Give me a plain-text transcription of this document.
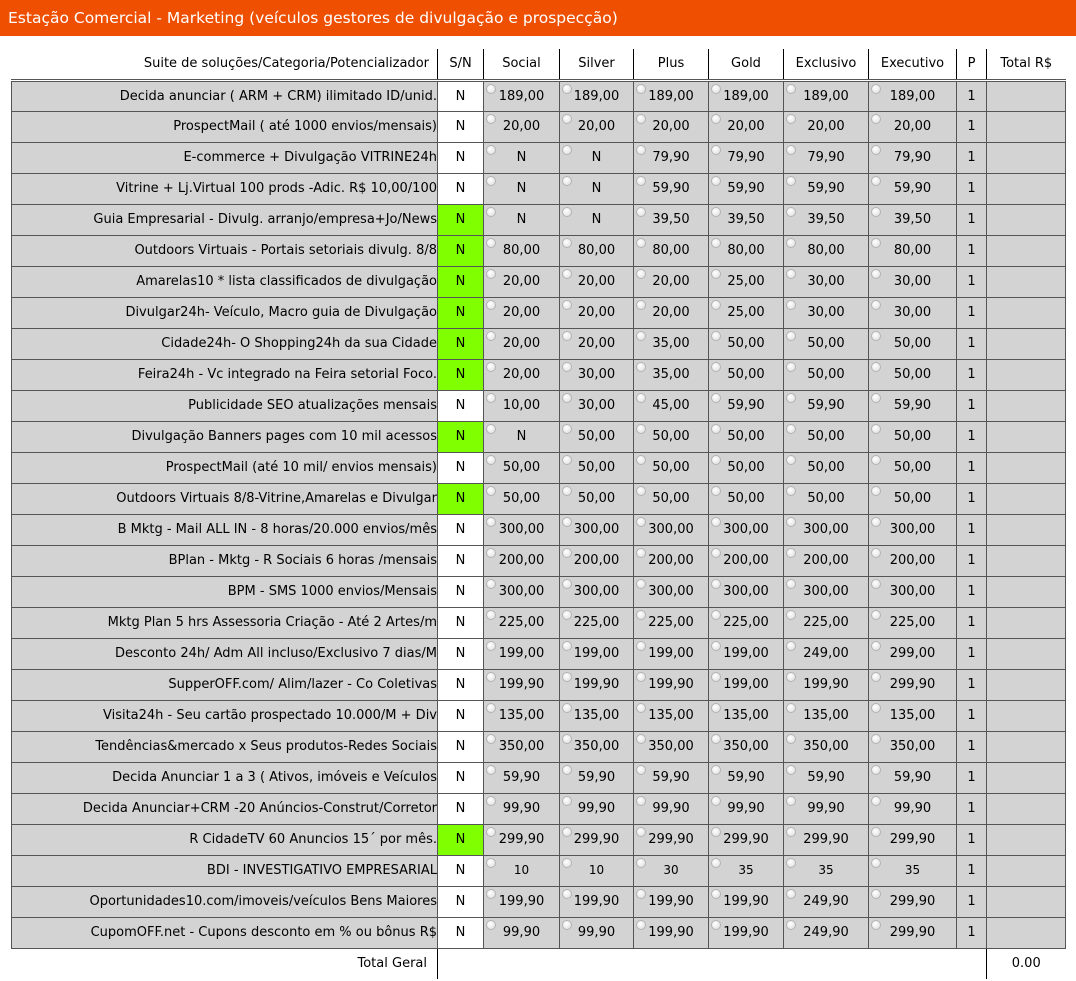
Estação Comercial - Marketing (veículos gestores de divulgação e prospecção)
Suite de soluções/Categoria/Potencializador	S/N	Social	Silver	Plus	Gold	Exclusivo	Executivo	P	Total R$
Decida anunciar ( ARM + CRM) ilimitado ID/unid.	N	189,00	189,00	189,00	189,00	189,00	189,00	1	
ProspectMail ( até 1000 envios/mensais)	N	20,00	20,00	20,00	20,00	20,00	20,00	1	
E-commerce + Divulgação VITRINE24h	N	N	N	79,90	79,90	79,90	79,90	1	
Vitrine + Lj.Virtual 100 prods -Adic. R$ 10,00/100	N	N	N	59,90	59,90	59,90	59,90	1	
Guia Empresarial - Divulg. arranjo/empresa+Jo/News	N	N	N	39,50	39,50	39,50	39,50	1	
Outdoors Virtuais - Portais setoriais divulg. 8/8	N	80,00	80,00	80,00	80,00	80,00	80,00	1	
Amarelas10 * lista classificados de divulgação	N	20,00	20,00	20,00	25,00	30,00	30,00	1	
Divulgar24h- Veículo, Macro guia de Divulgação	N	20,00	20,00	20,00	25,00	30,00	30,00	1	
Cidade24h- O Shopping24h da sua Cidade	N	20,00	20,00	35,00	50,00	50,00	50,00	1	
Feira24h - Vc integrado na Feira setorial Foco.	N	20,00	30,00	35,00	50,00	50,00	50,00	1	
Publicidade SEO atualizações mensais	N	10,00	30,00	45,00	59,90	59,90	59,90	1	
Divulgação Banners pages com 10 mil acessos	N	N	50,00	50,00	50,00	50,00	50,00	1	
ProspectMail (até 10 mil/ envios mensais)	N	50,00	50,00	50,00	50,00	50,00	50,00	1	
Outdoors Virtuais 8/8-Vitrine,Amarelas e Divulgar	N	50,00	50,00	50,00	50,00	50,00	50,00	1	
B Mktg - Mail ALL IN - 8 horas/20.000 envios/mês	N	300,00	300,00	300,00	300,00	300,00	300,00	1	
BPlan - Mktg - R Sociais 6 horas /mensais	N	200,00	200,00	200,00	200,00	200,00	200,00	1	
BPM - SMS 1000 envios/Mensais	N	300,00	300,00	300,00	300,00	300,00	300,00	1	
Mktg Plan 5 hrs Assessoria Criação - Até 2 Artes/m	N	225,00	225,00	225,00	225,00	225,00	225,00	1	
Desconto 24h/ Adm All incluso/Exclusivo 7 dias/M	N	199,00	199,00	199,00	199,00	249,00	299,00	1	
SupperOFF.com/ Alim/lazer - Co Coletivas	N	199,90	199,90	199,90	199,00	199,90	299,90	1	
Visita24h - Seu cartão prospectado 10.000/M + Div	N	135,00	135,00	135,00	135,00	135,00	135,00	1	
Tendências&mercado x Seus produtos-Redes Sociais	N	350,00	350,00	350,00	350,00	350,00	350,00	1	
Decida Anunciar 1 a 3 ( Ativos, imóveis e Veículos	N	59,90	59,90	59,90	59,90	59,90	59,90	1	
Decida Anunciar+CRM -20 Anúncios-Construt/Corretor	N	99,90	99,90	99,90	99,90	99,90	99,90	1	
R CidadeTV 60 Anuncios 15´ por mês.	N	299,90	299,90	299,90	299,90	299,90	299,90	1	
BDI - INVESTIGATIVO EMPRESARIAL	N	10	10	30	35	35	35	1	
Oportunidades10.com/imoveis/veículos Bens Maiores	N	199,90	199,90	199,90	199,90	249,90	299,90	1	
CupomOFF.net - Cupons desconto em % ou bônus R$	N	99,90	99,90	199,90	199,90	249,90	299,90	1	
Total Geral									0.00
